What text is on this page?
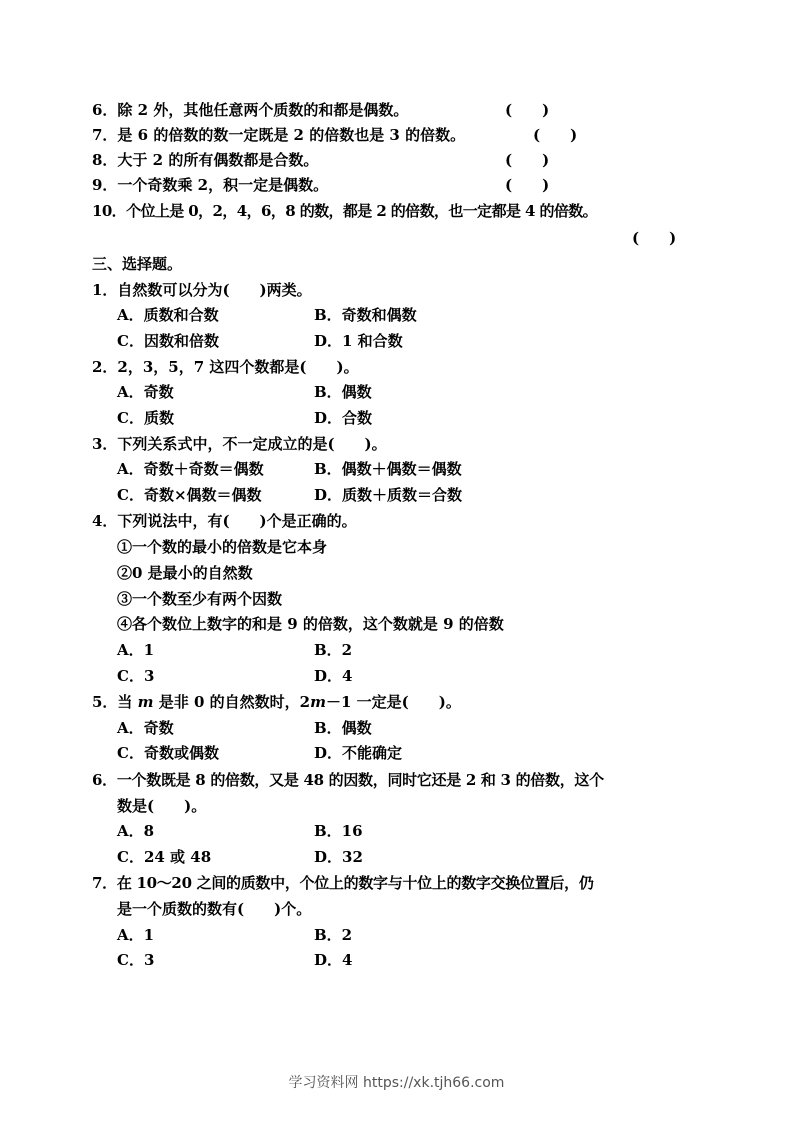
6．除 2 外，其他任意两个质数的和都是偶数。	(　　)
7．是 6 的倍数的数一定既是 2 的倍数也是 3 的倍数。	(　　)
8．大于 2 的所有偶数都是合数。	(　　)
9．一个奇数乘 2，积一定是偶数。	(　　)
10．个位上是 0，2，4，6，8 的数，都是 2 的倍数，也一定都是 4 的倍数。
(　　)
三、选择题。
1．自然数可以分为(　　)两类。
A．质数和合数	B．奇数和偶数
C．因数和倍数	D．1 和合数
2．2，3，5，7 这四个数都是(　　)。
A．奇数	B．偶数
C．质数	D．合数
3．下列关系式中，不一定成立的是(　　)。
A．奇数＋奇数＝偶数	B．偶数＋偶数＝偶数
C．奇数×偶数＝偶数	D．质数＋质数＝合数
4．下列说法中，有(　　)个是正确的。
①一个数的最小的倍数是它本身
②0 是最小的自然数
③一个数至少有两个因数
④各个数位上数字的和是 9 的倍数，这个数就是 9 的倍数
A．1	B．2
C．3	D．4
5．当 m 是非 0 的自然数时，2m－1 一定是(　　)。
A．奇数	B．偶数
C．奇数或偶数	D．不能确定
6．一个数既是 8 的倍数，又是 48 的因数，同时它还是 2 和 3 的倍数，这个
数是(　　)。
A．8	B．16
C．24 或 48	D．32
7．在 10～20 之间的质数中，个位上的数字与十位上的数字交换位置后，仍
是一个质数的数有(　　)个。
A．1	B．2
C．3	D．4
学习资料网 https://xk.tjh66.com
